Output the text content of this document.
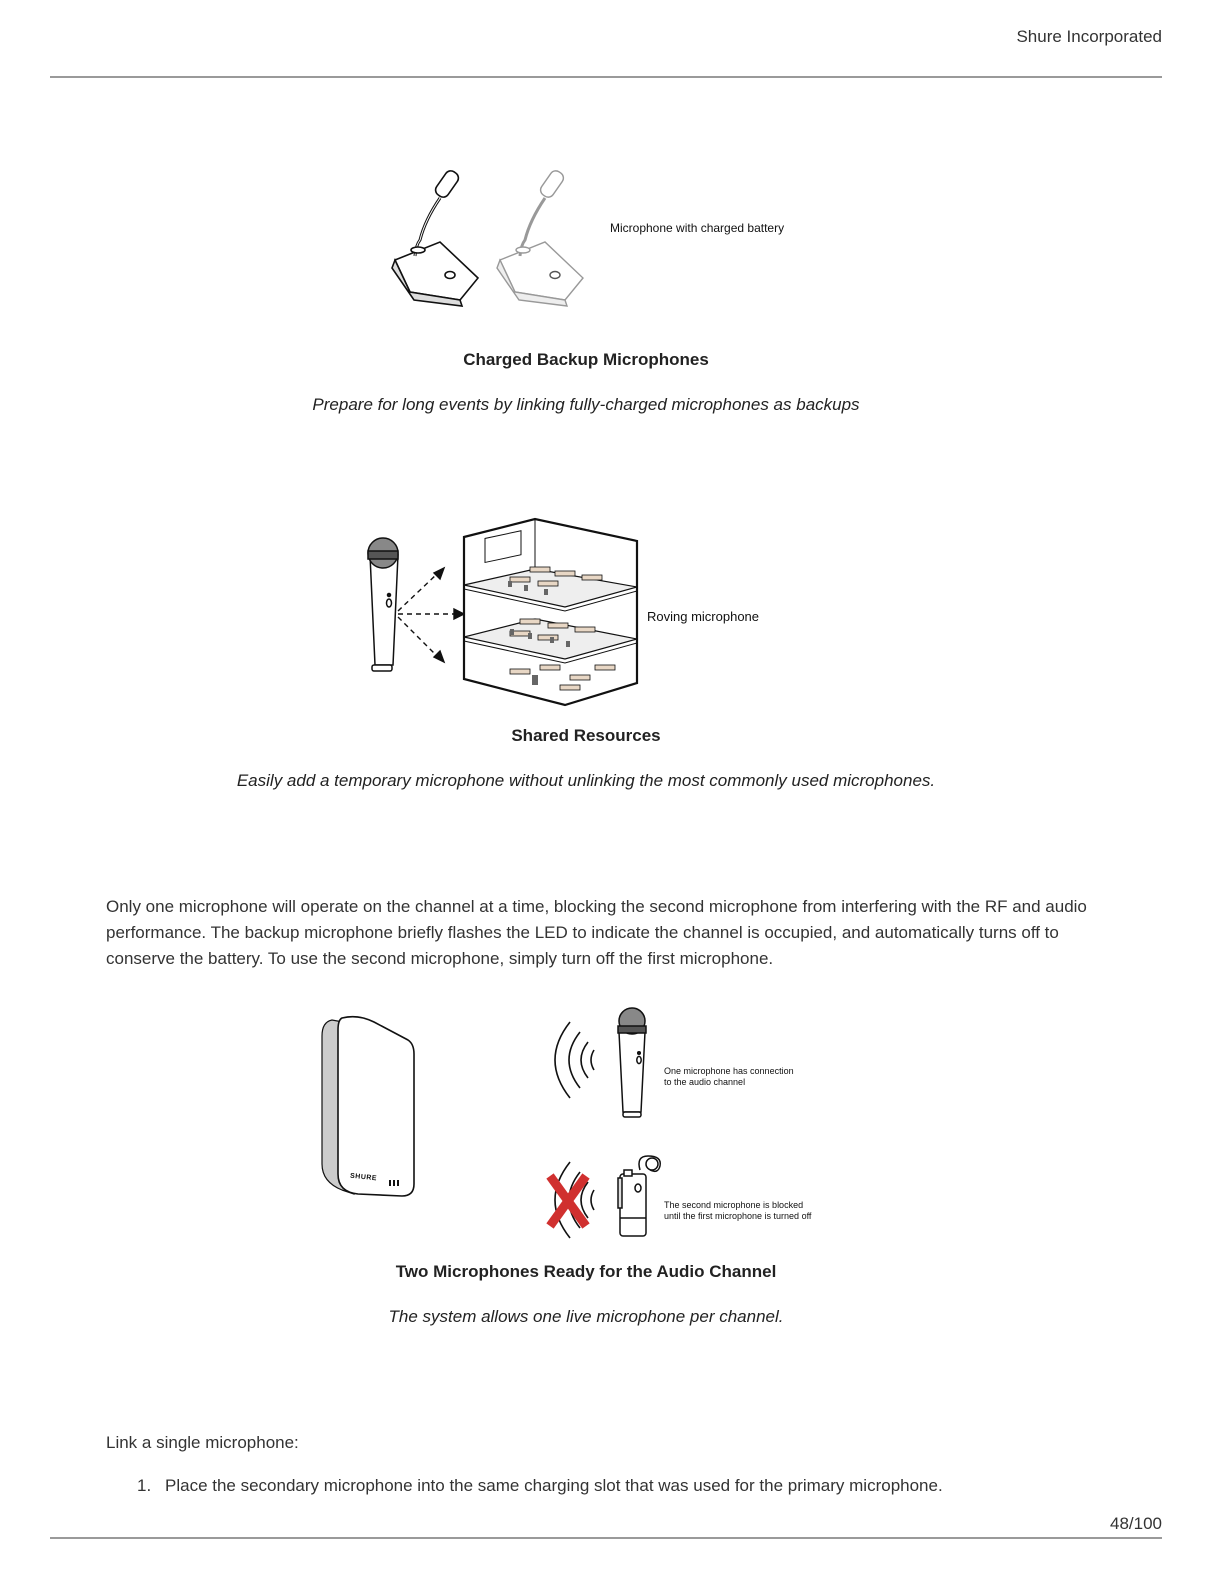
Shure Incorporated
Microphone with charged battery
Charged Backup Microphones
Prepare for long events by linking fully-charged microphones as backups
Roving microphone
Shared Resources
Easily add a temporary microphone without unlinking the most commonly used microphones.
Only one microphone will operate on the channel at a time, blocking the second microphone from interfering with the RF and audio performance. The backup microphone briefly flashes the LED to indicate the channel is occupied, and automatically turns off to conserve the battery. To use the second microphone, simply turn off the first microphone.
SHURE
One microphone has connection
to the audio channel
The second microphone is blocked
until the first microphone is turned off
Two Microphones Ready for the Audio Channel
The system allows one live microphone per channel.
Link a single microphone:
1. Place the secondary microphone into the same charging slot that was used for the primary microphone.
48/100
